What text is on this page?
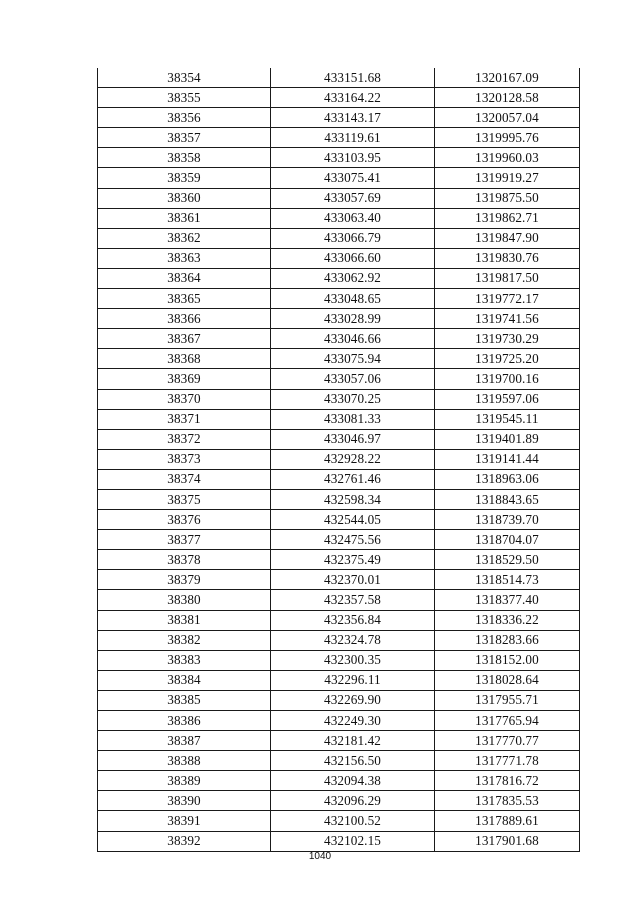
38354	433151.68	1320167.09
38355	433164.22	1320128.58
38356	433143.17	1320057.04
38357	433119.61	1319995.76
38358	433103.95	1319960.03
38359	433075.41	1319919.27
38360	433057.69	1319875.50
38361	433063.40	1319862.71
38362	433066.79	1319847.90
38363	433066.60	1319830.76
38364	433062.92	1319817.50
38365	433048.65	1319772.17
38366	433028.99	1319741.56
38367	433046.66	1319730.29
38368	433075.94	1319725.20
38369	433057.06	1319700.16
38370	433070.25	1319597.06
38371	433081.33	1319545.11
38372	433046.97	1319401.89
38373	432928.22	1319141.44
38374	432761.46	1318963.06
38375	432598.34	1318843.65
38376	432544.05	1318739.70
38377	432475.56	1318704.07
38378	432375.49	1318529.50
38379	432370.01	1318514.73
38380	432357.58	1318377.40
38381	432356.84	1318336.22
38382	432324.78	1318283.66
38383	432300.35	1318152.00
38384	432296.11	1318028.64
38385	432269.90	1317955.71
38386	432249.30	1317765.94
38387	432181.42	1317770.77
38388	432156.50	1317771.78
38389	432094.38	1317816.72
38390	432096.29	1317835.53
38391	432100.52	1317889.61
38392	432102.15	1317901.68
1040
